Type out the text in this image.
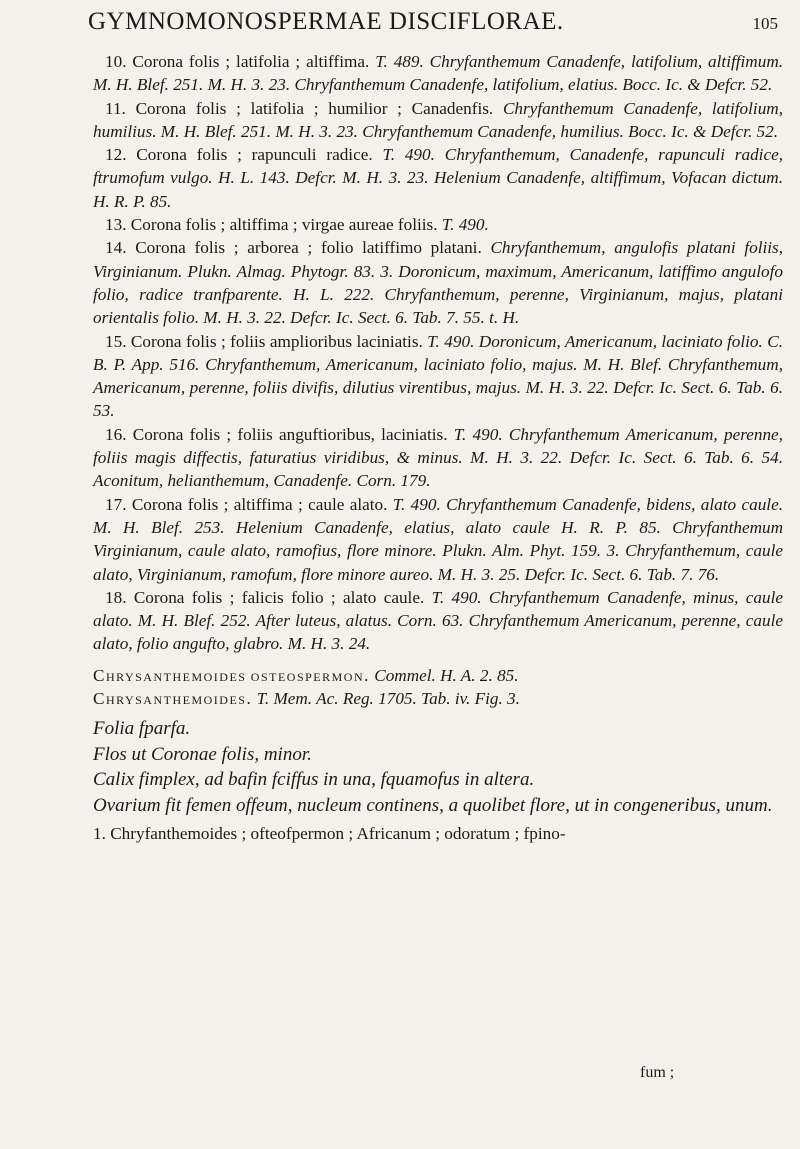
GYMNOMONOSPERMAE DISCIFLORAE.	105

10. Corona folis ; latifolia ; altiffima. T. 489. Chryfanthemum Canadenfe, latifolium, altiffimum. M. H. Blef. 251. M. H. 3. 23. Chryfanthemum Canadenfe, latifolium, elatius. Bocc. Ic. & Defcr. 52.

11. Corona folis ; latifolia ; humilior ; Canadenfis. Chryfanthemum Canadenfe, latifolium, humilius. M. H. Blef. 251. M. H. 3. 23. Chryfanthemum Canadenfe, humilius. Bocc. Ic. & Defcr. 52.

12. Corona folis ; rapunculi radice. T. 490. Chryfanthemum, Canadenfe, rapunculi radice, ftrumofum vulgo. H. L. 143. Defcr. M. H. 3. 23. Helenium Canadenfe, altiffimum, Vofacan dictum. H. R. P. 85.

13. Corona folis ; altiffima ; virgae aureae foliis. T. 490.

14. Corona folis ; arborea ; folio latiffimo platani. Chryfanthemum, angulofis platani foliis, Virginianum. Plukn. Almag. Phytogr. 83. 3. Doronicum, maximum, Americanum, latiffimo angulofo folio, radice tranfparente. H. L. 222. Chryfanthemum, perenne, Virginianum, majus, platani orientalis folio. M. H. 3. 22. Defcr. Ic. Sect. 6. Tab. 7. 55. t. H.

15. Corona folis ; foliis amplioribus laciniatis. T. 490. Doronicum, Americanum, laciniato folio. C. B. P. App. 516. Chryfanthemum, Americanum, laciniato folio, majus. M. H. Blef. Chryfanthemum, Americanum, perenne, foliis divifis, dilutius virentibus, majus. M. H. 3. 22. Defcr. Ic. Sect. 6. Tab. 6. 53.

16. Corona folis ; foliis anguftioribus, laciniatis. T. 490. Chryfanthemum Americanum, perenne, foliis magis diffectis, faturatius viridibus, & minus. M. H. 3. 22. Defcr. Ic. Sect. 6. Tab. 6. 54. Aconitum, helianthemum, Canadenfe. Corn. 179.

17. Corona folis ; altiffima ; caule alato. T. 490. Chryfanthemum Canadenfe, bidens, alato caule. M. H. Blef. 253. Helenium Canadenfe, elatius, alato caule H. R. P. 85. Chryfanthemum Virginianum, caule alato, ramofius, flore minore. Plukn. Alm. Phyt. 159. 3. Chryfanthemum, caule alato, Virginianum, ramofum, flore minore aureo. M. H. 3. 25. Defcr. Ic. Sect. 6. Tab. 7. 76.

18. Corona folis ; falicis folio ; alato caule. T. 490. Chryfanthemum Canadenfe, minus, caule alato. M. H. Blef. 252. After luteus, alatus. Corn. 63. Chryfanthemum Americanum, perenne, caule alato, folio angufto, glabro. M. H. 3. 24.

Chrysanthemoides osteospermon. Commel. H. A. 2. 85.

Chrysanthemoides. T. Mem. Ac. Reg. 1705. Tab. iv. Fig. 3.

Folia fparfa.

Flos ut Coronae folis, minor.

Calix fimplex, ad bafin fciffus in una, fquamofus in altera.

Ovarium fit femen offeum, nucleum continens, a quolibet flore, ut in congeneribus, unum.

1. Chryfanthemoides ; ofteofpermon ; Africanum ; odoratum ; fpino-

fum ;
